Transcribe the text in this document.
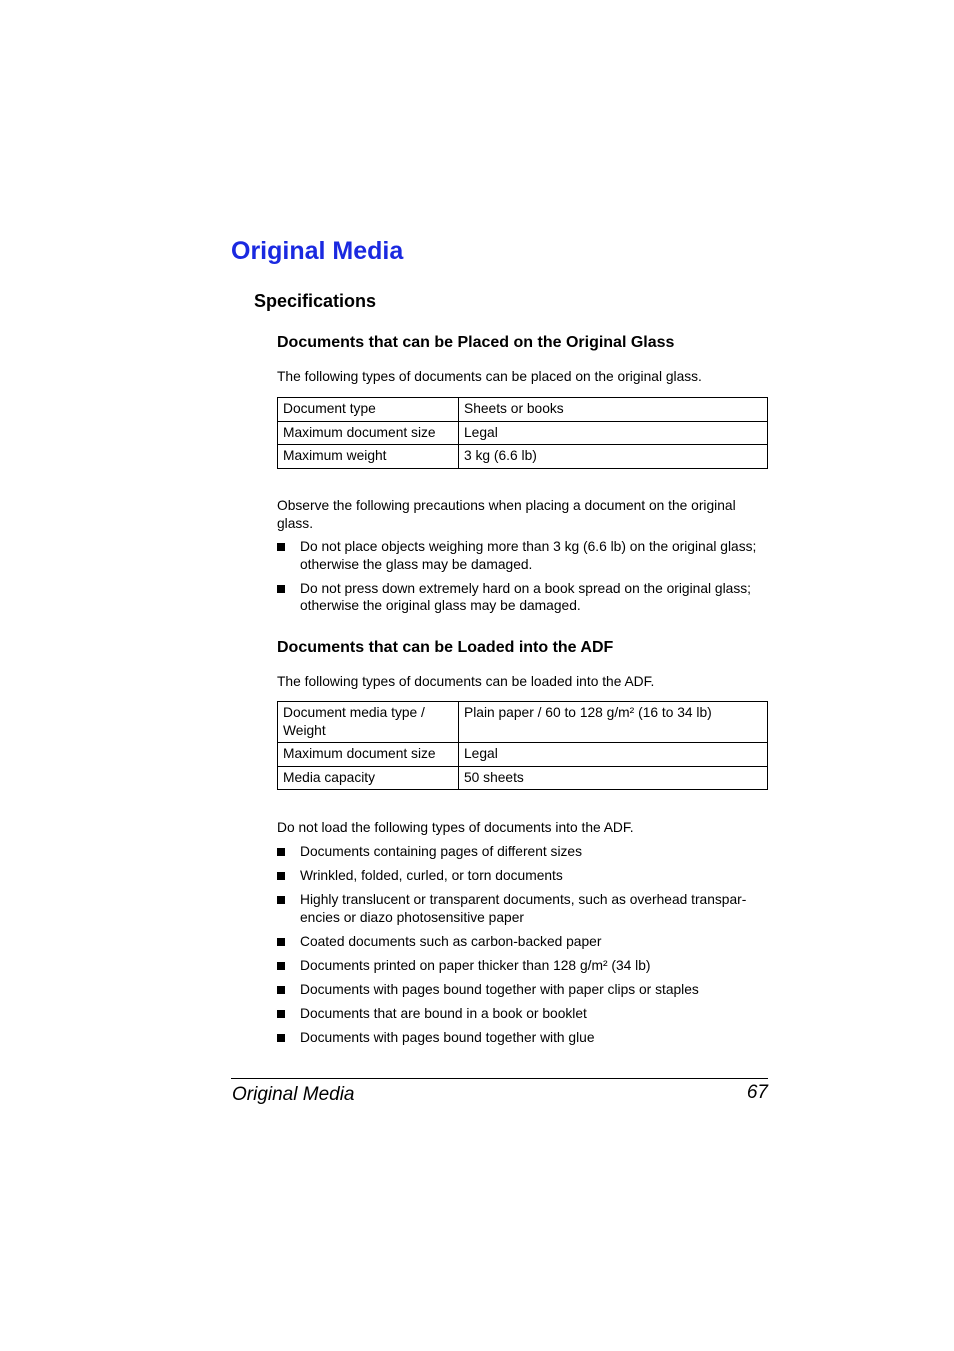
Original Media
Specifications
Documents that can be Placed on the Original Glass

The following types of documents can be placed on the original glass.

Document type	Sheets or books
Maximum document size	Legal
Maximum weight	3 kg (6.6 lb)

Observe the following precautions when placing a document on the original glass.

Do not place objects weighing more than 3 kg (6.6 lb) on the original glass; otherwise the glass may be damaged.
Do not press down extremely hard on a book spread on the original glass; otherwise the original glass may be damaged.
Documents that can be Loaded into the ADF

The following types of documents can be loaded into the ADF.

Document media type / Weight	Plain paper / 60 to 128 g/m² (16 to 34 lb)
Maximum document size	Legal
Media capacity	50 sheets

Do not load the following types of documents into the ADF.

Documents containing pages of different sizes
Wrinkled, folded, curled, or torn documents
Highly translucent or transparent documents, such as overhead transpar-encies or diazo photosensitive paper
Coated documents such as carbon-backed paper
Documents printed on paper thicker than 128 g/m² (34 lb)
Documents with pages bound together with paper clips or staples
Documents that are bound in a book or booklet
Documents with pages bound together with glue
Original Media	67
